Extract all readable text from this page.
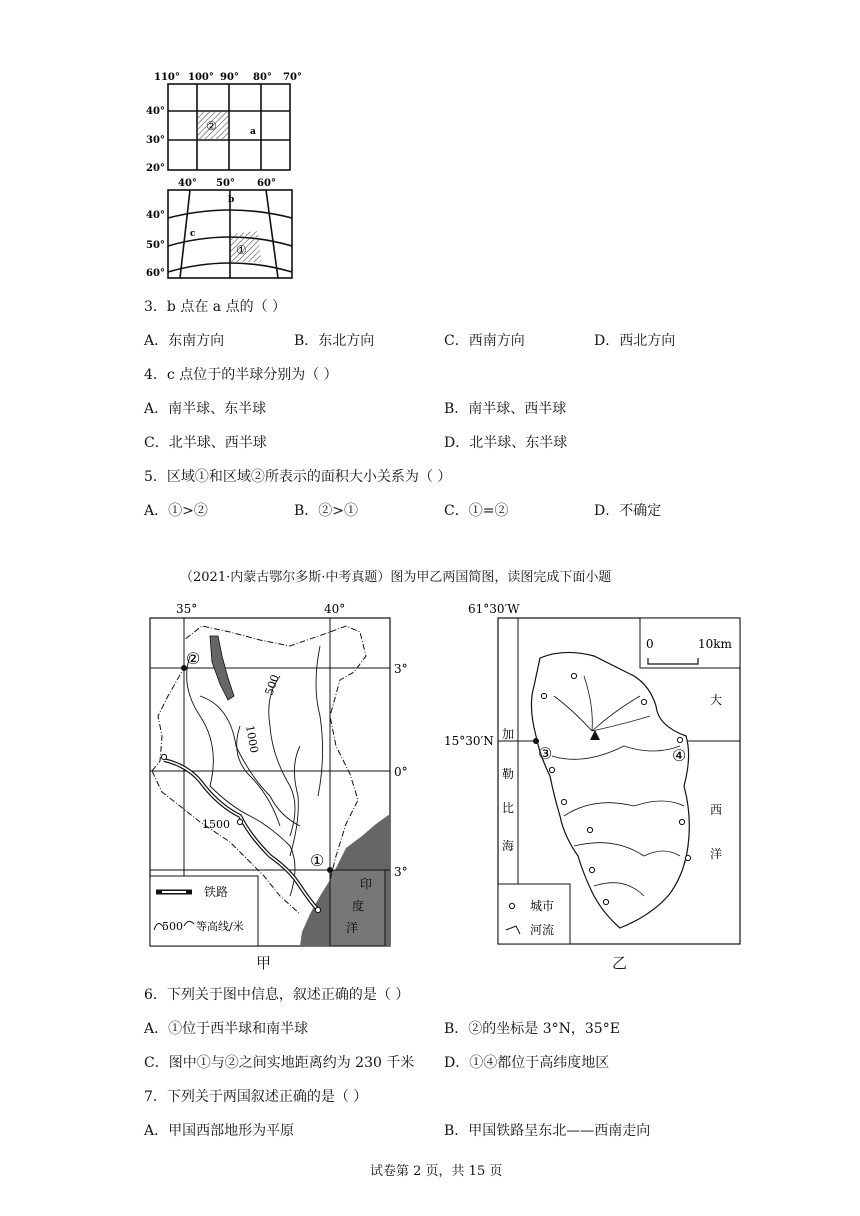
110° 100° 90° 80° 70°
40°
30°
20°
②	a
40° 50° 60°
40°
50°
60°
①
b
c
3．b 点在 a 点的（ ）
A．东南方向	B．东北方向	C．西南方向	D．西北方向
4．c 点位于的半球分别为（ ）
A．南半球、东半球	B．南半球、西半球
C．北半球、西半球	D．北半球、东半球
5．区域①和区域②所表示的面积大小关系为（ ）
A．①>②	B．②>①	C．①=②	D．不确定
（2021·内蒙古鄂尔多斯·中考真题）图为甲乙两国简图，读图完成下面小题
35°	40°
3°
0°
3°
500
1000
1500
②
①
印
度
洋
铁路
500 等高线/米
甲
61°30′W
15°30′N
0	10km
③	④
加
勒
比
海
大
西
洋
城市
河流
乙
6．下列关于图中信息，叙述正确的是（ ）
A．①位于西半球和南半球	B．②的坐标是 3°N，35°E
C．图中①与②之间实地距离约为 230 千米 D．①④都位于高纬度地区
7．下列关于两国叙述正确的是（ ）
A．甲国西部地形为平原	B．甲国铁路呈东北——西南走向
试卷第 2 页，共 15 页
